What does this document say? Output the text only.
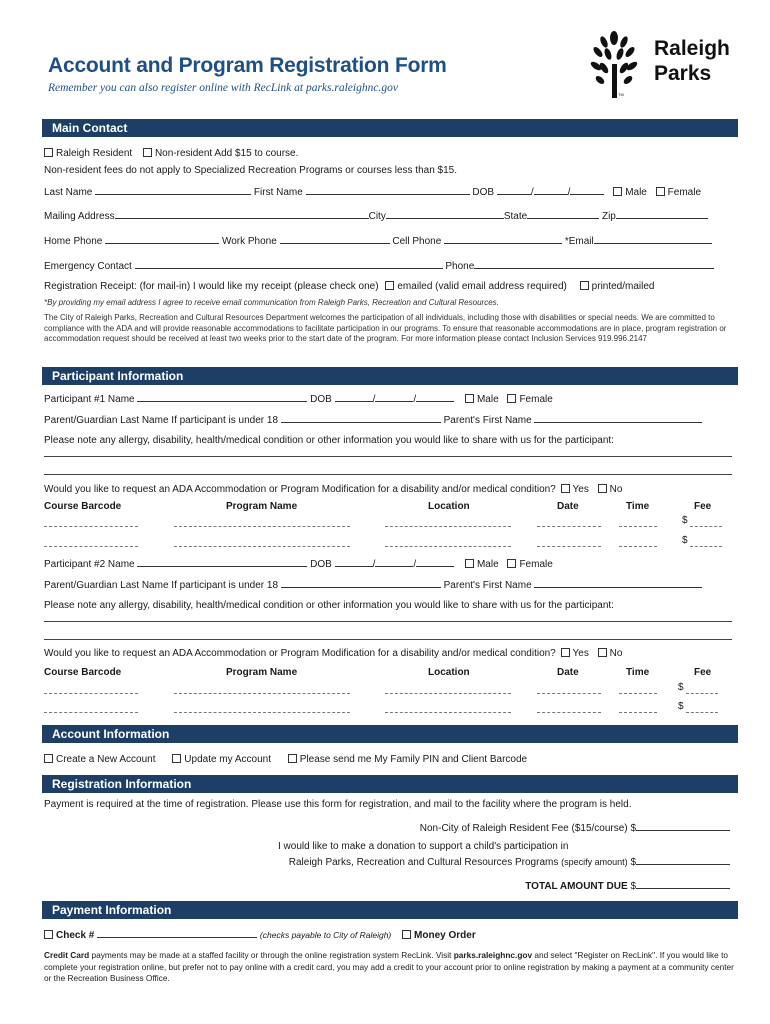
Account and Program Registration Form
Remember you can also register online with RecLink at parks.raleighnc.gov
Raleigh
Parks
TM
Main Contact
Raleigh Resident Non-resident Add $15 to course.
Non-resident fees do not apply to Specialized Recreation Programs or courses less than $15.
Last Name	First Name	DOB	/	/	Male Female
Mailing Address	City	State	Zip
Home Phone	Work Phone	Cell Phone	*Email
Emergency Contact	Phone
Registration Receipt: (for mail-in) I would like my receipt (please check one) emailed (valid email address required) printed/mailed
*By providing my email address I agree to receive email communication from Raleigh Parks, Recreation and Cultural Resources.
The City of Raleigh Parks, Recreation and Cultural Resources Department welcomes the participation of all individuals, including those with disabilities or special needs. We are committed to compliance with the ADA and will provide reasonable accommodations to facilitate participation in our programs. To ensure that reasonable accommodations are in place, program registration or accommodation request should be received at least two weeks prior to the start date of the program. For more information please contact Inclusion Services 919.996.2147
Participant Information
Participant #1 Name	DOB	/	/	Male Female
Parent/Guardian Last Name If participant is under 18	Parent's First Name
Please note any allergy, disability, health/medical condition or other information you would like to share with us for the participant:
Would you like to request an ADA Accommodation or Program Modification for a disability and/or medical condition? Yes No
Course Barcode	Program Name	Location	Date	Time	Fee
$
$
Participant #2 Name	DOB	/	/	Male Female
Parent/Guardian Last Name If participant is under 18	Parent's First Name
Please note any allergy, disability, health/medical condition or other information you would like to share with us for the participant:
Would you like to request an ADA Accommodation or Program Modification for a disability and/or medical condition? Yes No
Course Barcode	Program Name	Location	Date	Time	Fee
$
$
Account Information
Create a New Account	Update my Account	Please send me My Family PIN and Client Barcode
Registration Information
Payment is required at the time of registration. Please use this form for registration, and mail to the facility where the program is held.
Non-City of Raleigh Resident Fee ($15/course) $
I would like to make a donation to support a child's participation in
Raleigh Parks, Recreation and Cultural Resources Programs (specify amount) $
TOTAL AMOUNT DUE $
Payment Information
Check #	(checks payable to City of Raleigh) Money Order
Credit Card payments may be made at a staffed facility or through the online registration system RecLink. Visit parks.raleighnc.gov and select "Register on RecLink". If you would like to complete your registration online, but prefer not to pay online with a credit card, you may add a credit to your account prior to online registration by making a payment at a community center or the Recreation Business Office.
